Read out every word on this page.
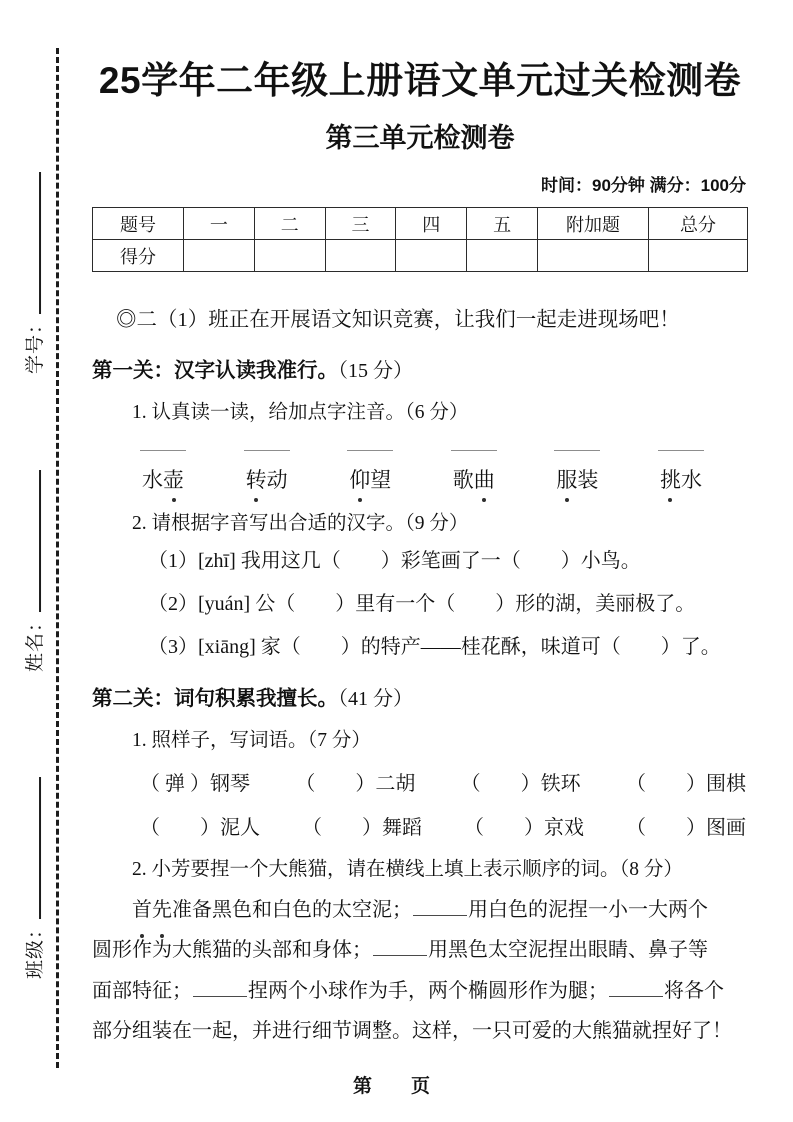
学号：
姓名：
班级：
25学年二年级上册语文单元过关检测卷
第三单元检测卷
时间：90分钟 满分：100分
题号	一	二	三	四	五	附加题	总分
得分							

◎二（1）班正在开展语文知识竞赛，让我们一起走进现场吧！

第一关：汉字认读我准行。（15 分）
1. 认真读一读，给加点字注音。（6 分）
水壶	转动	仰望	歌曲	服装	挑水
2. 请根据字音写出合适的汉字。（9 分）
（1）[zhī] 我用这几（　　）彩笔画了一（　　）小鸟。
（2）[yuán] 公（　　）里有一个（　　）形的湖，美丽极了。
（3）[xiāng] 家（　　）的特产——桂花酥，味道可（　　）了。
第二关：词句积累我擅长。（41 分）
1. 照样子，写词语。（7 分）
（ 弹 ）钢琴 （　　）二胡 （　　）铁环 （　　）围棋
（　　）泥人 （　　）舞蹈 （　　）京戏 （　　）图画
2. 小芳要捏一个大熊猫，请在横线上填上表示顺序的词。（8 分）
　　首先准备黑色和白色的太空泥；	用白色的泥捏一小一大两个
圆形作为大熊猫的头部和身体；	用黑色太空泥捏出眼睛、鼻子等
面部特征；	捏两个小球作为手，两个椭圆形作为腿；	将各个
部分组装在一起，并进行细节调整。这样，一只可爱的大熊猫就捏好了！
第　页
